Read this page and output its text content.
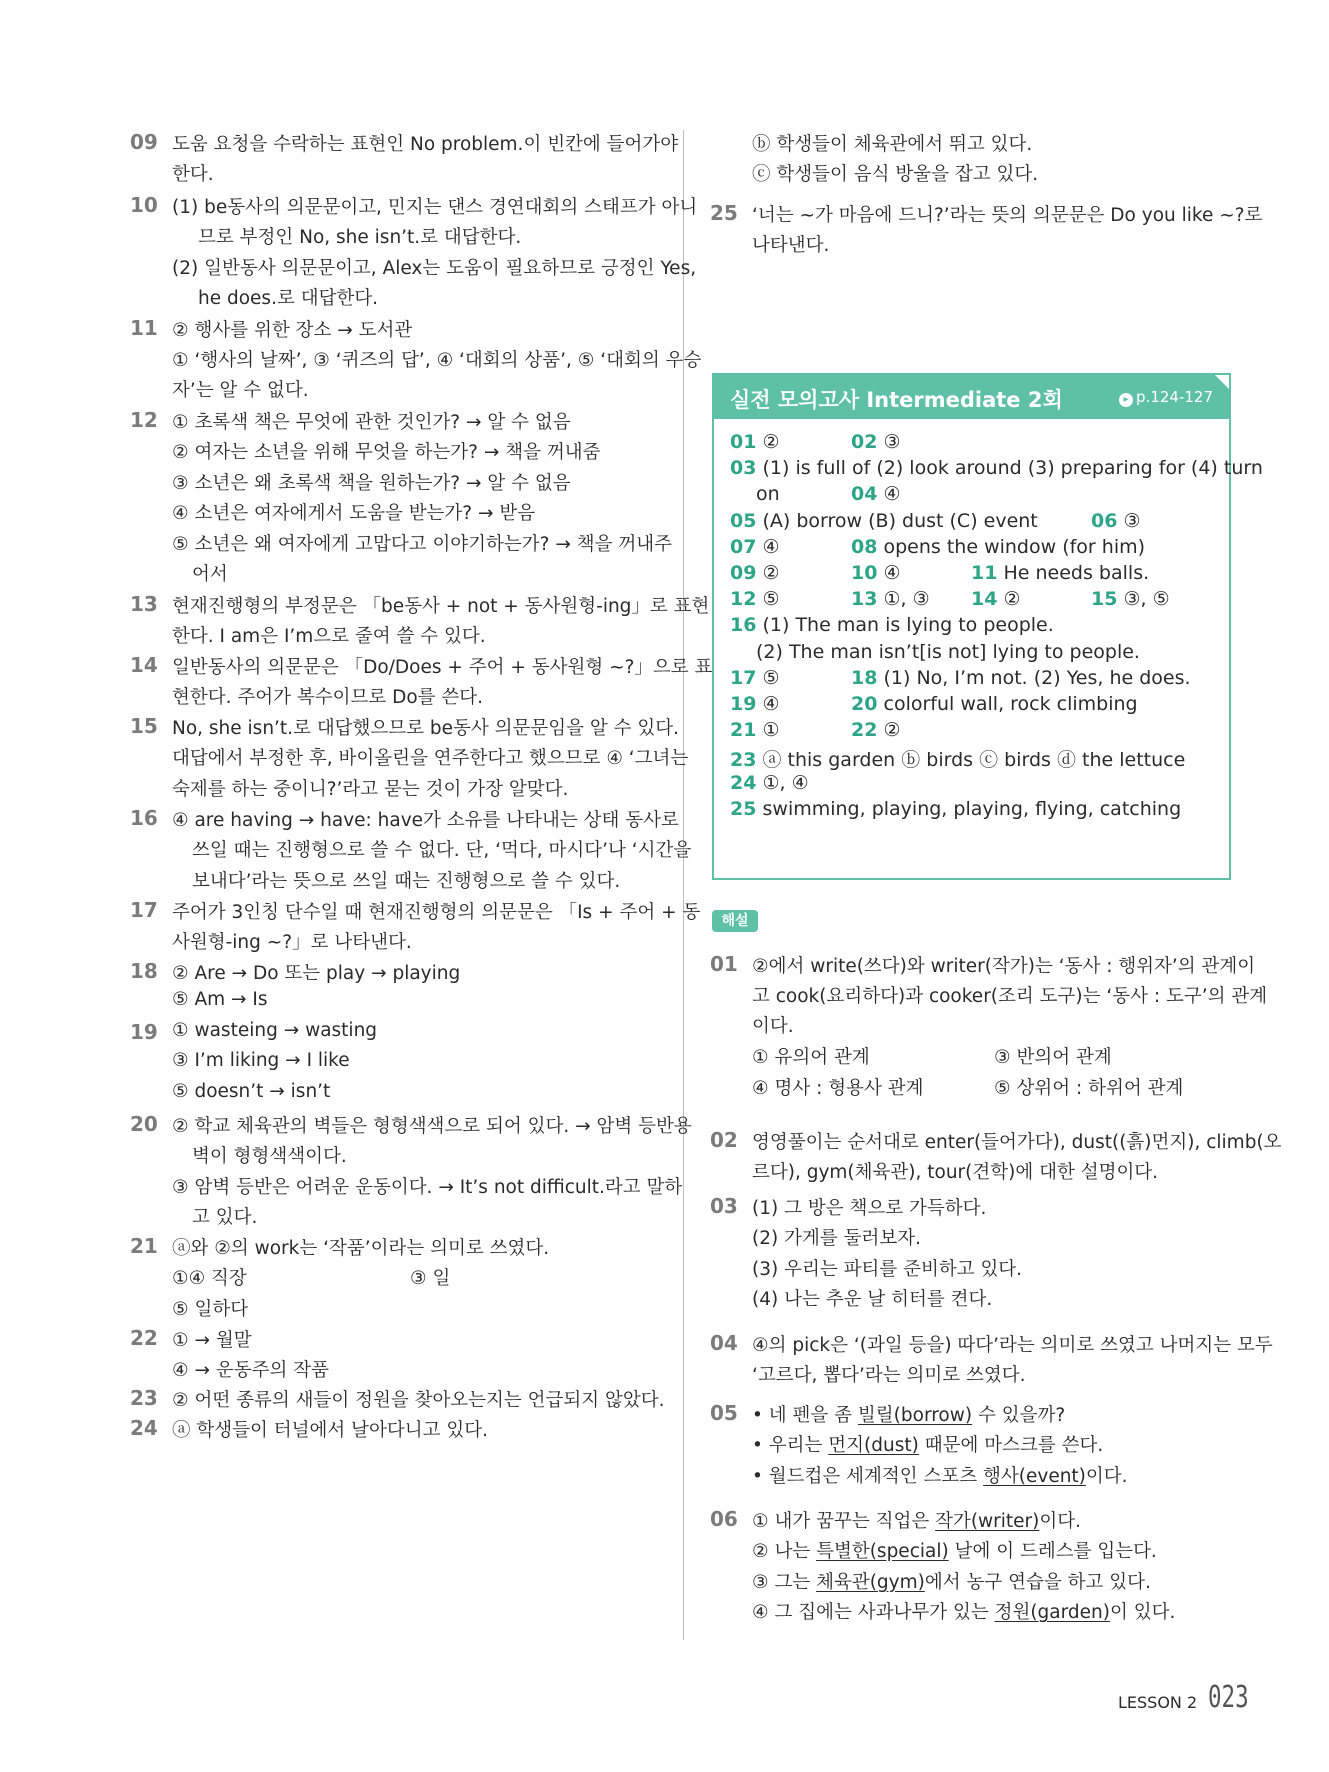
09 도움 요청을 수락하는 표현인 No problem.이 빈칸에 들어가야
한다.
10 (1) be동사의 의문문이고, 민지는 댄스 경연대회의 스태프가 아니
므로 부정인 No, she isn’t.로 대답한다.
(2) 일반동사 의문문이고, Alex는 도움이 필요하므로 긍정인 Yes,
he does.로 대답한다.
11 ② 행사를 위한 장소 → 도서관
① ‘행사의 날짜’, ③ ‘퀴즈의 답’, ④ ‘대회의 상품’, ⑤ ‘대회의 우승
자’는 알 수 없다.
12 ① 초록색 책은 무엇에 관한 것인가? → 알 수 없음
② 여자는 소년을 위해 무엇을 하는가? → 책을 꺼내줌
③ 소년은 왜 초록색 책을 원하는가? → 알 수 없음
④ 소년은 여자에게서 도움을 받는가? → 받음
⑤ 소년은 왜 여자에게 고맙다고 이야기하는가? → 책을 꺼내주
어서
13 현재진행형의 부정문은 「be동사 + not + 동사원형-ing」로 표현
한다. I am은 I’m으로 줄여 쓸 수 있다.
14 일반동사의 의문문은 「Do/Does + 주어 + 동사원형 ~?」으로 표
현한다. 주어가 복수이므로 Do를 쓴다.
15 No, she isn’t.로 대답했으므로 be동사 의문문임을 알 수 있다.
대답에서 부정한 후, 바이올린을 연주한다고 했으므로 ④ ‘그녀는
숙제를 하는 중이니?’라고 묻는 것이 가장 알맞다.
16 ④ are having → have: have가 소유를 나타내는 상태 동사로
쓰일 때는 진행형으로 쓸 수 없다. 단, ‘먹다, 마시다’나 ‘시간을
보내다’라는 뜻으로 쓰일 때는 진행형으로 쓸 수 있다.
17 주어가 3인칭 단수일 때 현재진행형의 의문문은 「Is + 주어 + 동
사원형-ing ~?」로 나타낸다.
18 ② Are → Do 또는 play → playing
⑤ Am → Is
19 ① wasteing → wasting
③ I’m liking → I like
⑤ doesn’t → isn’t
20 ② 학교 체육관의 벽들은 형형색색으로 되어 있다. → 암벽 등반용
벽이 형형색색이다.
③ 암벽 등반은 어려운 운동이다. → It’s not difficult.라고 말하
고 있다.
21 ⓐ와 ②의 work는 ‘작품’이라는 의미로 쓰였다.
①④ 직장	③ 일
⑤ 일하다
22 ① → 월말
④ → 운동주의 작품
23 ② 어떤 종류의 새들이 정원을 찾아오는지는 언급되지 않았다.
24 ⓐ 학생들이 터널에서 날아다니고 있다.
ⓑ 학생들이 체육관에서 뛰고 있다.
ⓒ 학생들이 음식 방울을 잡고 있다.
25 ‘너는 ~가 마음에 드니?’라는 뜻의 의문문은 Do you like ~?로
나타낸다.
실전 모의고사 Intermediate 2회	▸ p.124-127
01 ②	02 ③
03 (1) is full of (2) look around (3) preparing for (4) turn
on	04 ④
05 (A) borrow (B) dust (C) event	06 ③
07 ④	08 opens the window (for him)
09 ②	10 ④	11 He needs balls.
12 ⑤	13 ①, ③ 14 ②	15 ③, ⑤
16 (1) The man is lying to people.
(2) The man isn’t[is not] lying to people.
17 ⑤	18 (1) No, I’m not. (2) Yes, he does.
19 ④	20 colorful wall, rock climbing
21 ①	22 ②
23 ⓐ this garden ⓑ birds ⓒ birds ⓓ the lettuce
24 ①, ④
25 swimming, playing, playing, flying, catching
해설
01 ②에서 write(쓰다)와 writer(작가)는 ‘동사 : 행위자’의 관계이
고 cook(요리하다)과 cooker(조리 도구)는 ‘동사 : 도구’의 관계
이다.
① 유의어 관계	③ 반의어 관계
④ 명사 : 형용사 관계	⑤ 상위어 : 하위어 관계
02 영영풀이는 순서대로 enter(들어가다), dust((흙)먼지), climb(오
르다), gym(체육관), tour(견학)에 대한 설명이다.
03 (1) 그 방은 책으로 가득하다.
(2) 가게를 둘러보자.
(3) 우리는 파티를 준비하고 있다.
(4) 나는 추운 날 히터를 켠다.
04 ④의 pick은 ‘(과일 등을) 따다’라는 의미로 쓰였고 나머지는 모두
‘고르다, 뽑다’라는 의미로 쓰였다.
05 • 네 펜을 좀 빌릴(borrow) 수 있을까?
• 우리는 먼지(dust) 때문에 마스크를 쓴다.
• 월드컵은 세계적인 스포츠 행사(event)이다.
06 ① 내가 꿈꾸는 직업은 작가(writer)이다.
② 나는 특별한(special) 날에 이 드레스를 입는다.
③ 그는 체육관(gym)에서 농구 연습을 하고 있다.
④ 그 집에는 사과나무가 있는 정원(garden)이 있다.
LESSON 2 023
